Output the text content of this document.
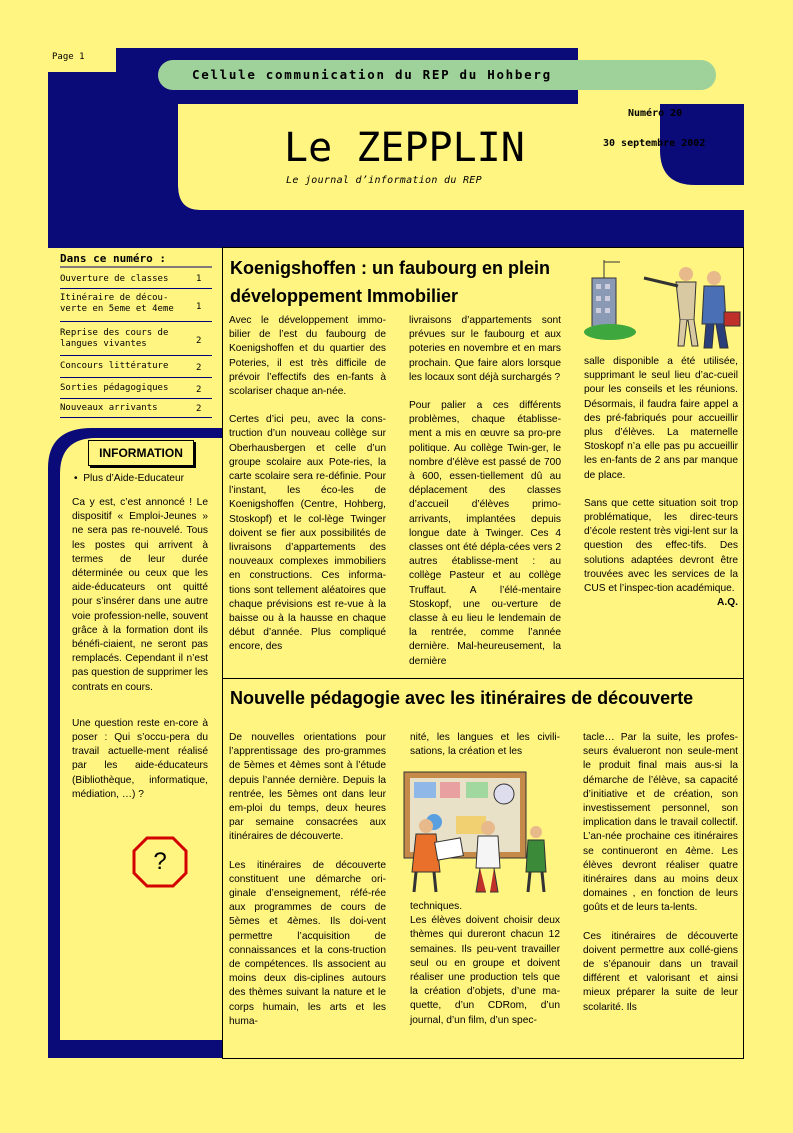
Page 1
Cellule communication du REP du Hohberg
Numéro 20
30 septembre 2002
Le ZEPPLIN
Le journal d’information du REP
Dans ce numéro :
Ouverture de classes	1
Itinéraire de décou-
verte en 5eme et 4eme	1
Reprise des cours de
langues vivantes	2
Concours littérature	2
Sorties pédagogiques	2
Nouveaux arrivants	2
INFORMATION
•  Plus d’Aide-Educateur

Ca y est, c’est annoncé ! Le dispositif « Emploi-Jeunes » ne sera pas re-nouvelé. Tous les postes qui arrivent à termes de leur durée déterminée ou ceux que les aide-éducateurs ont quitté pour s’insérer dans une autre voie profession-nelle, souvent grâce à la formation dont ils bénéfi-ciaient, ne seront pas remplacés. Cependant il n’est pas question de supprimer les contrats en cours.

Une question reste en-core à poser : Qui s’occu-pera du travail actuelle-ment réalisé par les aide-éducateurs (Bibliothèque, informatique, médiation, …) ?

?
Koenigshoffen : un faubourg en plein
développement Immobilier

Avec le développement immo-bilier de l’est du faubourg de Koenigshoffen et du quartier des Poteries, il est très difficile de prévoir l’effectifs des en-fants à scolariser chaque an-née.

Certes d’ici peu, avec la cons-truction d’un nouveau collège sur Oberhausbergen et celle d’un groupe scolaire aux Pote-ries, la carte scolaire sera re-définie. Pour l’instant, les éco-les de Koenigshoffen (Centre, Hohberg, Stoskopf) et le col-lège Twinger doivent se fier aux possibilités de livraisons d’appartements des nouveaux complexes immobiliers en constructions. Ces informa-tions sont tellement aléatoires que chaque prévisions est re-vue à la baisse ou à la hausse en chaque début d’année. Plus compliqué encore, des

livraisons d’appartements sont prévues sur le faubourg et aux poteries en novembre et en mars prochain. Que faire alors lorsque les locaux sont déjà surchargés ?

Pour palier a ces différents problèmes, chaque établisse-ment a mis en œuvre sa pro-pre politique. Au collège Twin-ger, le nombre d’élève est passé de 700 à 600, essen-tiellement dû au déplacement des classes d’accueil d’élèves primo-arrivants, implantées depuis longue date à Twinger. Ces 4 classes ont été dépla-cées vers 2 autres établisse-ment : au collège Pasteur et au collège Truffaut. A l’élé-mentaire Stoskopf, une ou-verture de classe à eu lieu le lendemain de la rentrée, comme l’année dernière. Mal-heureusement, la dernière

salle disponible a été utilisée, supprimant le seul lieu d’ac-cueil pour les conseils et les réunions. Désormais, il faudra faire appel a des pré-fabriqués pour accueillir plus d’élèves. La maternelle Stoskopf n’a elle pas pu accueillir les en-fants de 2 ans par manque de place.

Sans que cette situation soit trop problématique, les direc-teurs d’école restent très vigi-lent sur la question des effec-tifs. Des solutions adaptées devront être trouvées avec les services de la CUS et l’inspec-tion académique.

A.Q.
Nouvelle pédagogie avec les itinéraires de découverte

De nouvelles orientations pour l’apprentissage des pro-grammes de 5èmes et 4èmes sont à l’étude depuis l’année dernière. Depuis la rentrée, les 5èmes ont dans leur em-ploi du temps, deux heures par semaine consacrées aux itinéraires de découverte.

Les itinéraires de découverte constituent une démarche ori-ginale d’enseignement, réfé-rée aux programmes de cours de 5èmes et 4èmes. Ils doi-vent permettre l’acquisition de connaissances et la cons-truction de compétences. Ils associent au moins deux dis-ciplines autours des thèmes suivant la nature et le corps humain, les arts et les huma-

nité, les langues et les civili-sations, la création et les
techniques.
Les élèves doivent choisir deux thèmes qui dureront chacun 12 semaines. Ils peu-vent travailler seul ou en groupe et doivent réaliser une production tels que la création d’objets, d’une ma-quette, d’un CDRom, d’un journal, d’un film, d’un spec-

tacle… Par la suite, les profes-seurs évalueront non seule-ment le produit final mais aus-si la démarche de l’élève, sa capacité d’initiative et de création, son investissement personnel, son implication dans le travail collectif. L’an-née prochaine ces itinéraires se continueront en 4ème. Les élèves devront réaliser quatre itinéraires dans au moins deux domaines , en fonction de leurs goûts et de leurs ta-lents.

Ces itinéraires de découverte doivent permettre aux collé-giens de s’épanouir dans un travail différent et valorisant et ainsi mieux préparer la suite de leur scolarité. Ils
